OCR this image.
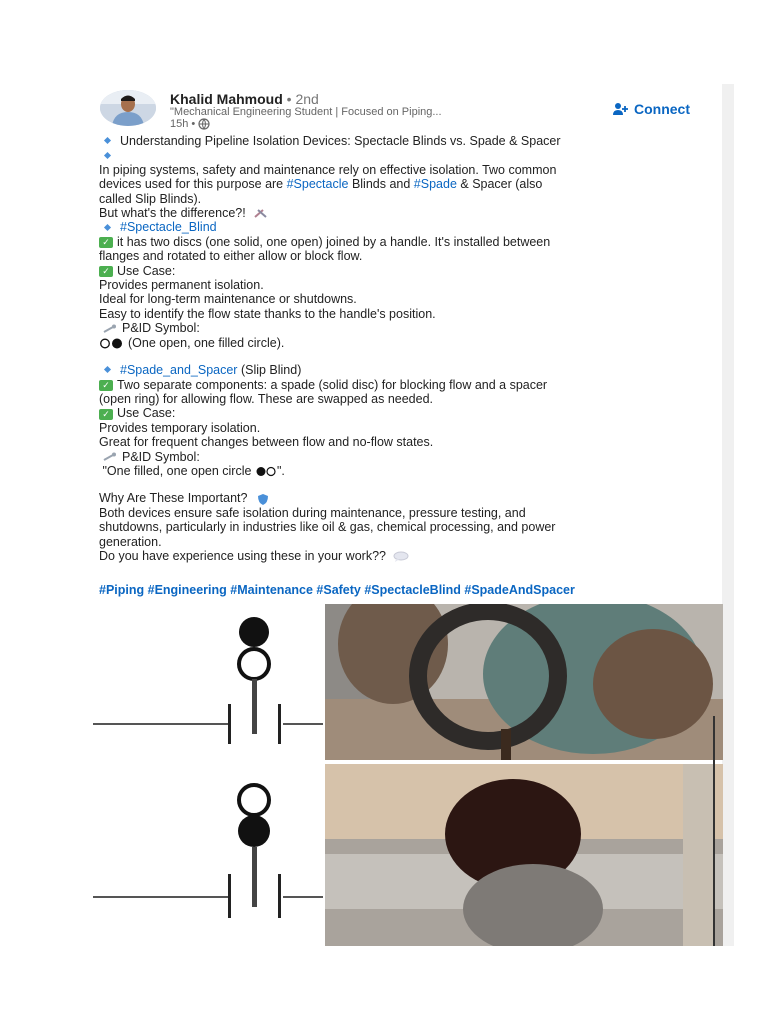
Khalid Mahmoud • 2nd
"Mechanical Engineering Student | Focused on Piping...
15h •
Connect
Understanding Pipeline Isolation Devices: Spectacle Blinds vs. Spade & Spacer
In piping systems, safety and maintenance rely on effective isolation. Two common
devices used for this purpose are #Spectacle Blinds and #Spade & Spacer (also
called Slip Blinds).
But what's the difference?!
#Spectacle_Blind
✓ it has two discs (one solid, one open) joined by a handle. It's installed between
flanges and rotated to either allow or block flow.
✓ Use Case:
Provides permanent isolation.
Ideal for long-term maintenance or shutdowns.
Easy to identify the flow state thanks to the handle's position.
P&ID Symbol:
(One open, one filled circle).
#Spade_and_Spacer (Slip Blind)
✓ Two separate components: a spade (solid disc) for blocking flow and a spacer
(open ring) for allowing flow. These are swapped as needed.
✓ Use Case:
Provides temporary isolation.
Great for frequent changes between flow and no-flow states.
P&ID Symbol:
"One filled, one open circle ".
Why Are These Important?
Both devices ensure safe isolation during maintenance, pressure testing, and
shutdowns, particularly in industries like oil & gas, chemical processing, and power
generation.
Do you have experience using these in your work??
#Piping #Engineering #Maintenance #Safety #SpectacleBlind #SpadeAndSpacer
